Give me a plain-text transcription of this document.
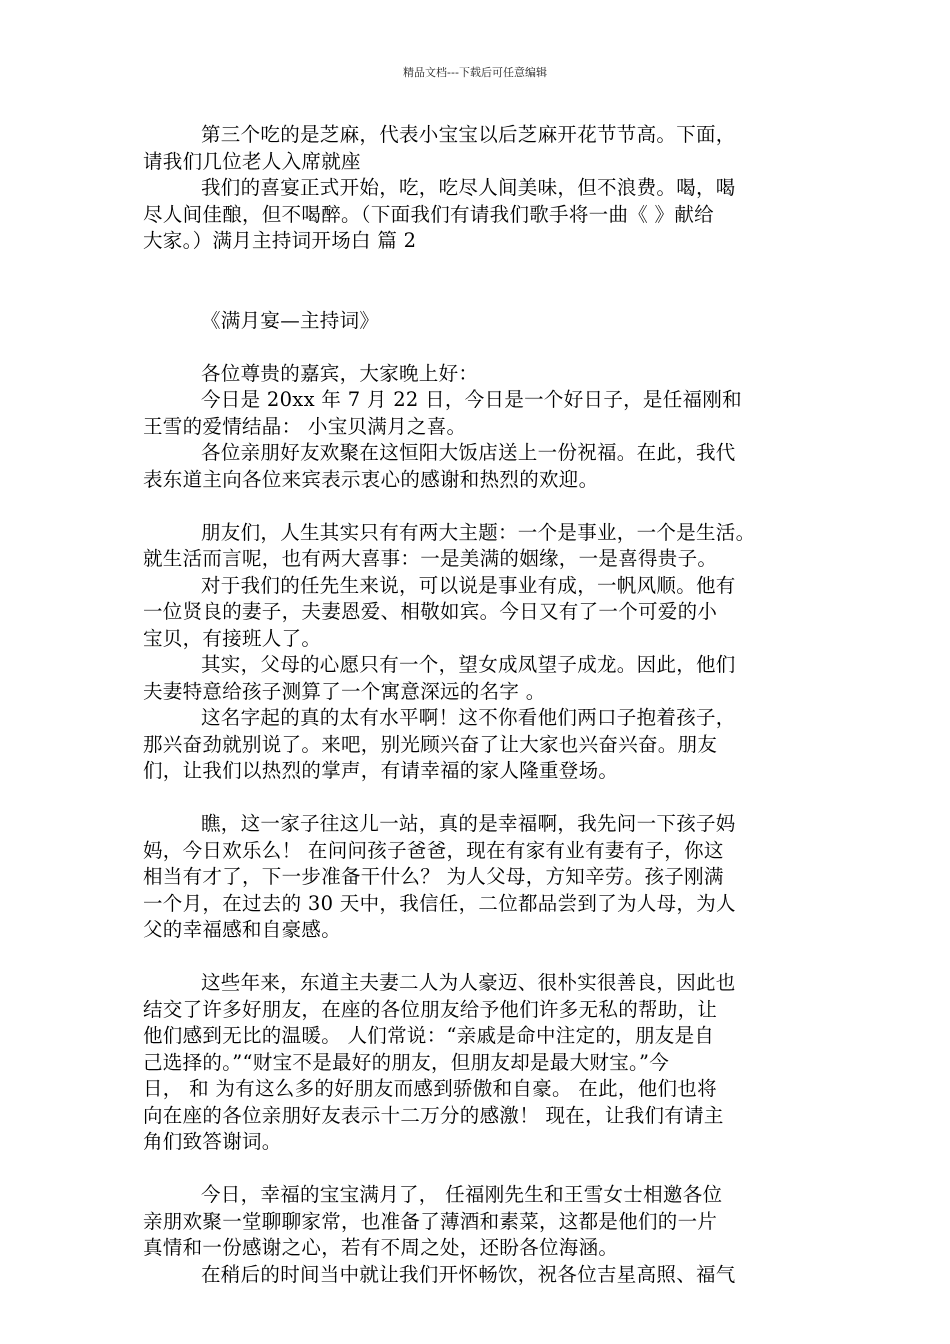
精品文档---下载后可任意编辑
第三个吃的是芝麻，代表小宝宝以后芝麻开花节节高。下面，
请我们几位老人入席就座
我们的喜宴正式开始，吃，吃尽人间美味，但不浪费。喝，喝
尽人间佳酿，但不喝醉。（下面我们有请我们歌手将一曲《 》献给
大家。）满月主持词开场白 篇 2
《满月宴—主持词》
各位尊贵的嘉宾，大家晚上好：
今日是 20xx 年 7 月 22 日，今日是一个好日子，是任福刚和
王雪的爱情结晶： 小宝贝满月之喜。
各位亲朋好友欢聚在这恒阳大饭店送上一份祝福。在此，我代
表东道主向各位来宾表示衷心的感谢和热烈的欢迎。
朋友们，人生其实只有有两大主题：一个是事业，一个是生活。
就生活而言呢，也有两大喜事：一是美满的姻缘，一是喜得贵子。
对于我们的任先生来说，可以说是事业有成，一帆风顺。他有
一位贤良的妻子，夫妻恩爱、相敬如宾。今日又有了一个可爱的小
宝贝，有接班人了。
其实，父母的心愿只有一个，望女成凤望子成龙。因此，他们
夫妻特意给孩子测算了一个寓意深远的名字 。
这名字起的真的太有水平啊！这不你看他们两口子抱着孩子，
那兴奋劲就别说了。来吧，别光顾兴奋了让大家也兴奋兴奋。朋友
们，让我们以热烈的掌声，有请幸福的家人隆重登场。
瞧，这一家子往这儿一站，真的是幸福啊，我先问一下孩子妈
妈，今日欢乐么！ 在问问孩子爸爸，现在有家有业有妻有子，你这
相当有才了，下一步准备干什么？ 为人父母，方知辛劳。孩子刚满
一个月，在过去的 30 天中，我信任，二位都品尝到了为人母，为人
父的幸福感和自豪感。
这些年来，东道主夫妻二人为人豪迈、很朴实很善良，因此也
结交了许多好朋友，在座的各位朋友给予他们许多无私的帮助，让
他们感到无比的温暖。 人们常说：“亲戚是命中注定的，朋友是自
己选择的。”“财宝不是最好的朋友，但朋友却是最大财宝。”今
日， 和 为有这么多的好朋友而感到骄傲和自豪。 在此，他们也将
向在座的各位亲朋好友表示十二万分的感激！ 现在，让我们有请主
角们致答谢词。
今日，幸福的宝宝满月了， 任福刚先生和王雪女士相邀各位
亲朋欢聚一堂聊聊家常，也准备了薄酒和素菜，这都是他们的一片
真情和一份感谢之心，若有不周之处，还盼各位海涵。
在稍后的时间当中就让我们开怀畅饮，祝各位吉星高照、福气
